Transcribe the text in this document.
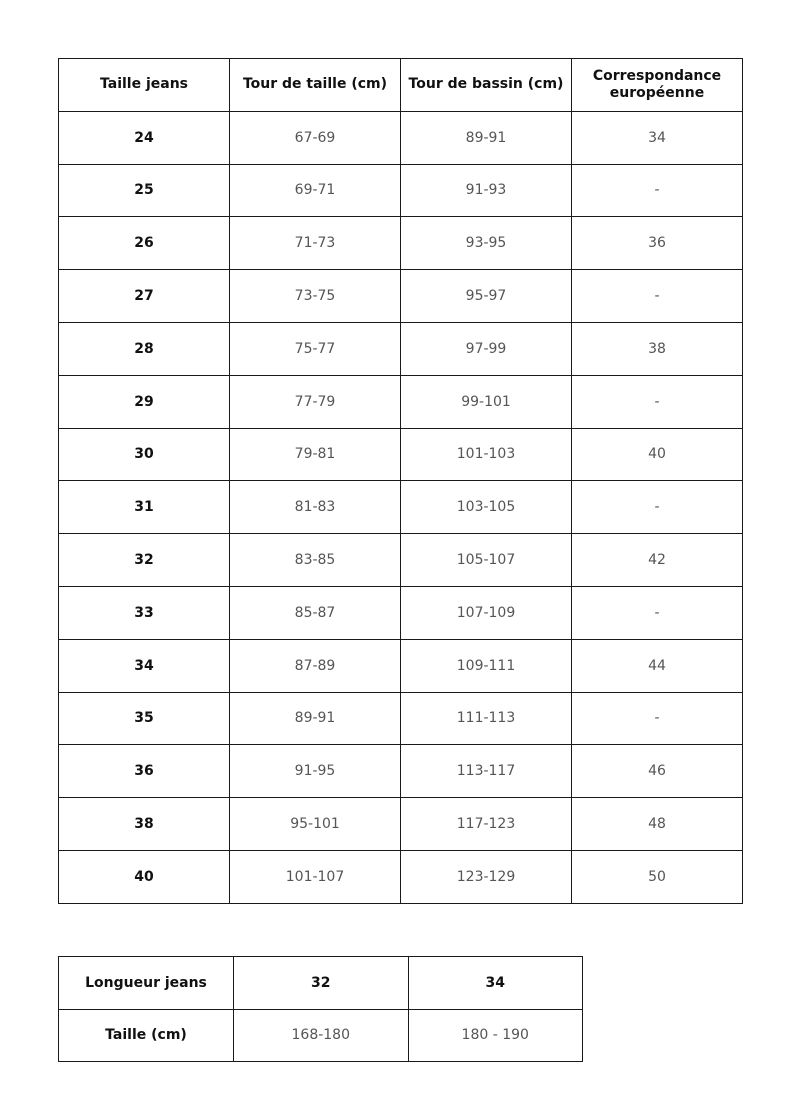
Taille jeans	Tour de taille (cm)	Tour de bassin (cm)	Correspondance européenne
24	67-69	89-91	34
25	69-71	91-93	-
26	71-73	93-95	36
27	73-75	95-97	-
28	75-77	97-99	38
29	77-79	99-101	-
30	79-81	101-103	40
31	81-83	103-105	-
32	83-85	105-107	42
33	85-87	107-109	-
34	87-89	109-111	44
35	89-91	111-113	-
36	91-95	113-117	46
38	95-101	117-123	48
40	101-107	123-129	50
Longueur jeans	32	34
Taille (cm)	168-180	180 - 190
